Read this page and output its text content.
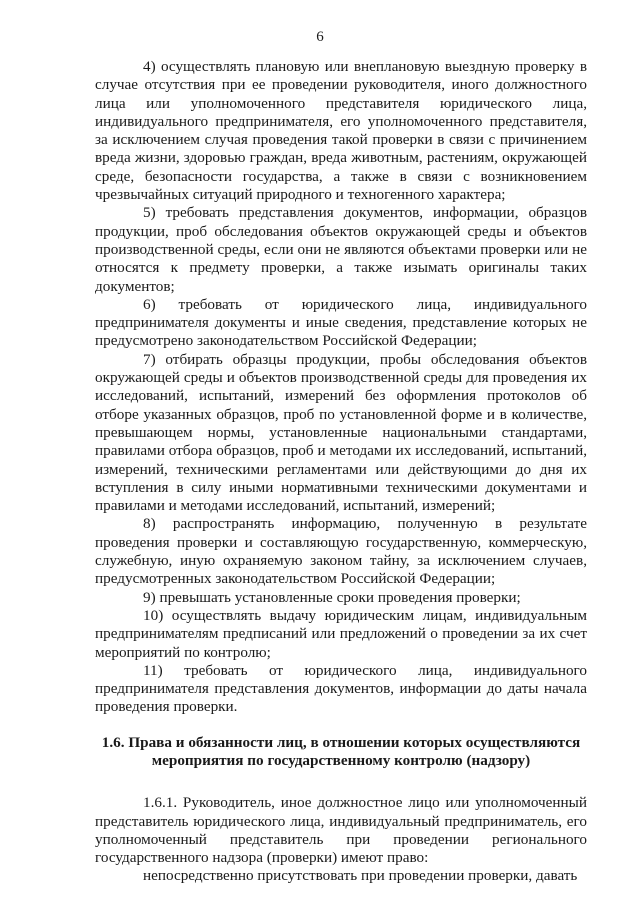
6

4) осуществлять плановую или внеплановую выездную проверку в случае отсутствия при ее проведении руководителя, иного должностного лица или уполномоченного представителя юридического лица, индивидуального предпринимателя, его уполномоченного представителя, за исключением случая проведения такой проверки в связи с причинением вреда жизни, здоровью граждан, вреда животным, растениям, окружающей среде, безопасности государства, а также в связи с возникновением чрезвычайных ситуаций природного и техногенного характера;

5) требовать представления документов, информации, образцов продукции, проб обследования объектов окружающей среды и объектов производственной среды, если они не являются объектами проверки или не относятся к предмету проверки, а также изымать оригиналы таких документов;

6) требовать от юридического лица, индивидуального предпринимателя документы и иные сведения, представление которых не предусмотрено законодательством Российской Федерации;

7) отбирать образцы продукции, пробы обследования объектов окружающей среды и объектов производственной среды для проведения их исследований, испытаний, измерений без оформления протоколов об отборе указанных образцов, проб по установленной форме и в количестве, превышающем нормы, установленные национальными стандартами, правилами отбора образцов, проб и методами их исследований, испытаний, измерений, техническими регламентами или действующими до дня их вступления в силу иными нормативными техническими документами и правилами и методами исследований, испытаний, измерений;

8) распространять информацию, полученную в результате проведения проверки и составляющую государственную, коммерческую, служебную, иную охраняемую законом тайну, за исключением случаев, предусмотренных законодательством Российской Федерации;

9) превышать установленные сроки проведения проверки;

10) осуществлять выдачу юридическим лицам, индивидуальным предпринимателям предписаний или предложений о проведении за их счет мероприятий по контролю;

11) требовать от юридического лица, индивидуального предпринимателя представления документов, информации до даты начала проведения проверки.

1.6. Права и обязанности лиц, в отношении которых осуществляются
мероприятия по государственному контролю (надзору)

1.6.1. Руководитель, иное должностное лицо или уполномоченный представитель юридического лица, индивидуальный предприниматель, его уполномоченный представитель при проведении регионального государственного надзора (проверки) имеют право:

непосредственно присутствовать при проведении проверки, давать
